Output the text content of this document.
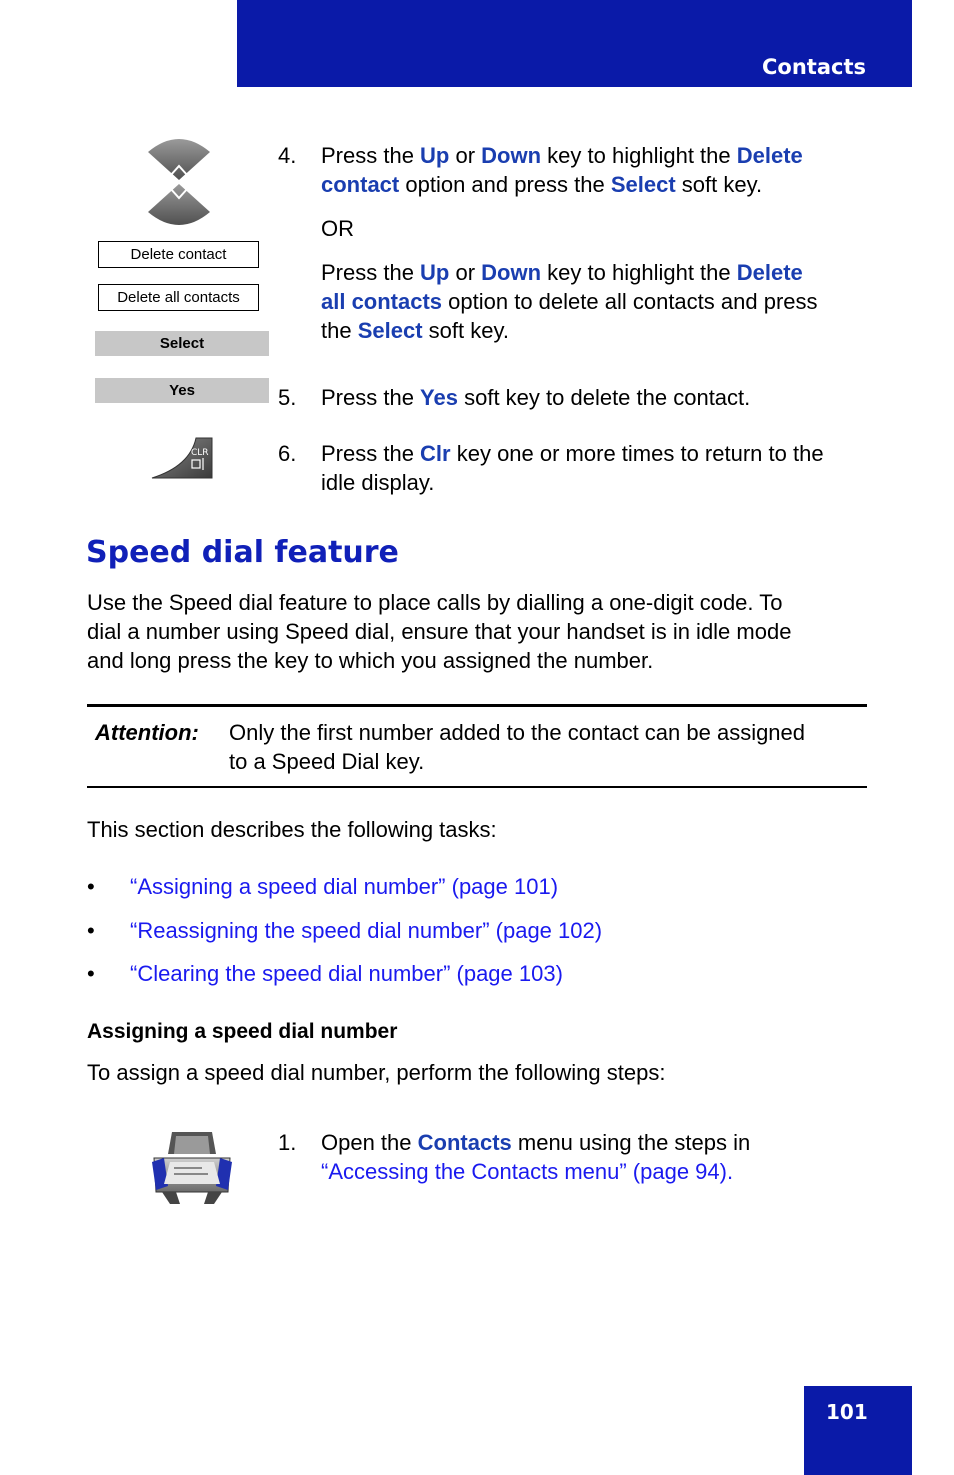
Contacts
Delete contact
Delete all contacts
Select
Yes
CLR
4. Press the Up or Down key to highlight the Delete
contact option and press the Select soft key.
OR
Press the Up or Down key to highlight the Delete
all contacts option to delete all contacts and press
the Select soft key.
5. Press the Yes soft key to delete the contact.
6. Press the Clr key one or more times to return to the
idle display.
Speed dial feature
Use the Speed dial feature to place calls by dialling a one-digit code. To
dial a number using Speed dial, ensure that your handset is in idle mode
and long press the key to which you assigned the number.
Attention: Only the first number added to the contact can be assigned
to a Speed Dial key.
This section describes the following tasks:
• “Assigning a speed dial number” (page 101)
• “Reassigning the speed dial number” (page 102)
• “Clearing the speed dial number” (page 103)
Assigning a speed dial number
To assign a speed dial number, perform the following steps:
1. Open the Contacts menu using the steps in
“Accessing the Contacts menu” (page 94).
101
